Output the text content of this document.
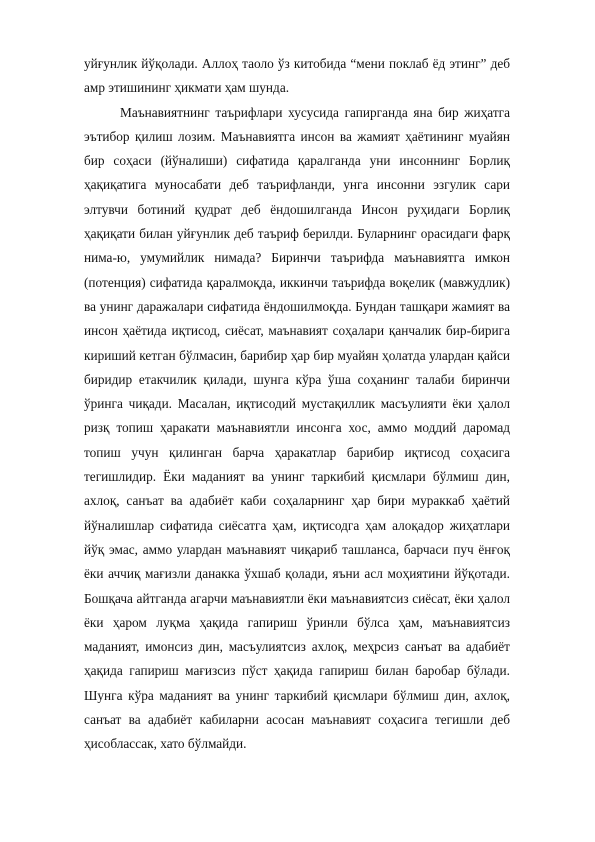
уйғунлик йўқолади. Аллоҳ таоло ўз китобида “мени поклаб ёд этинг” деб амр этишининг ҳикмати ҳам шунда.

Маънавиятнинг таърифлари хусусида гапирганда яна бир жиҳатга эътибор қилиш лозим. Маънавиятга инсон ва жамият ҳаётининг муайян бир соҳаси (йўналиши) сифатида қаралганда уни инсоннинг Борлиқ ҳақиқатига муносабати деб таърифланди, унга инсонни эзгулик сари элтувчи ботиний қудрат деб ёндошилганда Инсон руҳидаги Борлиқ ҳақиқати билан уйғунлик деб таъриф берилди. Буларнинг орасидаги фарқ нима-ю, умумийлик нимада? Биринчи таърифда маънавиятга имкон (потенция) сифатида қаралмоқда, иккинчи таърифда воқелик (мавжудлик) ва унинг даражалари сифатида ёндошилмоқда. Бундан ташқари жамият ва инсон ҳаётида иқтисод, сиёсат, маънавият соҳалари қанчалик бир-бирига кириший кетган бўлмасин, барибир ҳар бир муайян ҳолатда улардан қайси биридир етакчилик қилади, шунга кўра ўша соҳанинг талаби биринчи ўринга чиқади. Масалан, иқтисодий мустақиллик масъулияти ёки ҳалол ризқ топиш ҳаракати маънавиятли инсонга хос, аммо моддий даромад топиш учун қилинган барча ҳаракатлар барибир иқтисод соҳасига тегишлидир. Ёки маданият ва унинг таркибий қисмлари бўлмиш дин, ахлоқ, санъат ва адабиёт каби соҳаларнинг ҳар бири мураккаб ҳаётий йўналишлар сифатида сиёсатга ҳам, иқтисодга ҳам алоқадор жиҳатлари йўқ эмас, аммо улардан маънавият чиқариб ташланса, барчаси пуч ёнғоқ ёки аччиқ мағизли данакка ўхшаб қолади, яъни асл моҳиятини йўқотади. Бошқача айтганда агарчи маънавиятли ёки маънавиятсиз сиёсат, ёки ҳалол ёки ҳаром луқма ҳақида гапириш ўринли бўлса ҳам, маънавиятсиз маданият, имонсиз дин, масъулиятсиз ахлоқ, меҳрсиз санъат ва адабиёт ҳақида гапириш мағизсиз пўст ҳақида гапириш билан баробар бўлади. Шунга кўра маданият ва унинг таркибий қисмлари бўлмиш дин, ахлоқ, санъат ва адабиёт кабиларни асосан маънавият соҳасига тегишли деб ҳисоблассак, хато бўлмайди.
